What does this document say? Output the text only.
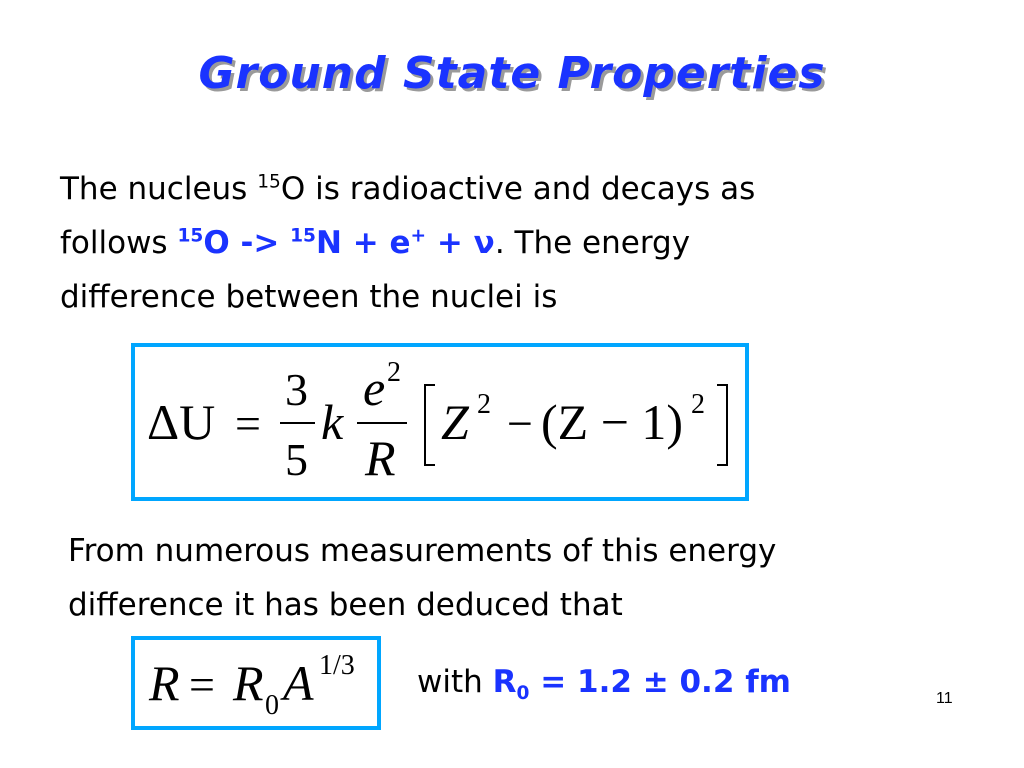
Ground State Properties
The nucleus $^{15}$O is radioactive and decays as
follows $^{15}$O -> $^{15}$N + e+ + ν. The energy
difference between the nuclei is
ΔU =
3
5
k
e 2
R
Z 2 − (Z − 1) 2
From numerous measurements of this energy
difference it has been deduced that
R = R 0 A 1/3 with $R_0 = 1.2 \pm 0.2$ fm	11
